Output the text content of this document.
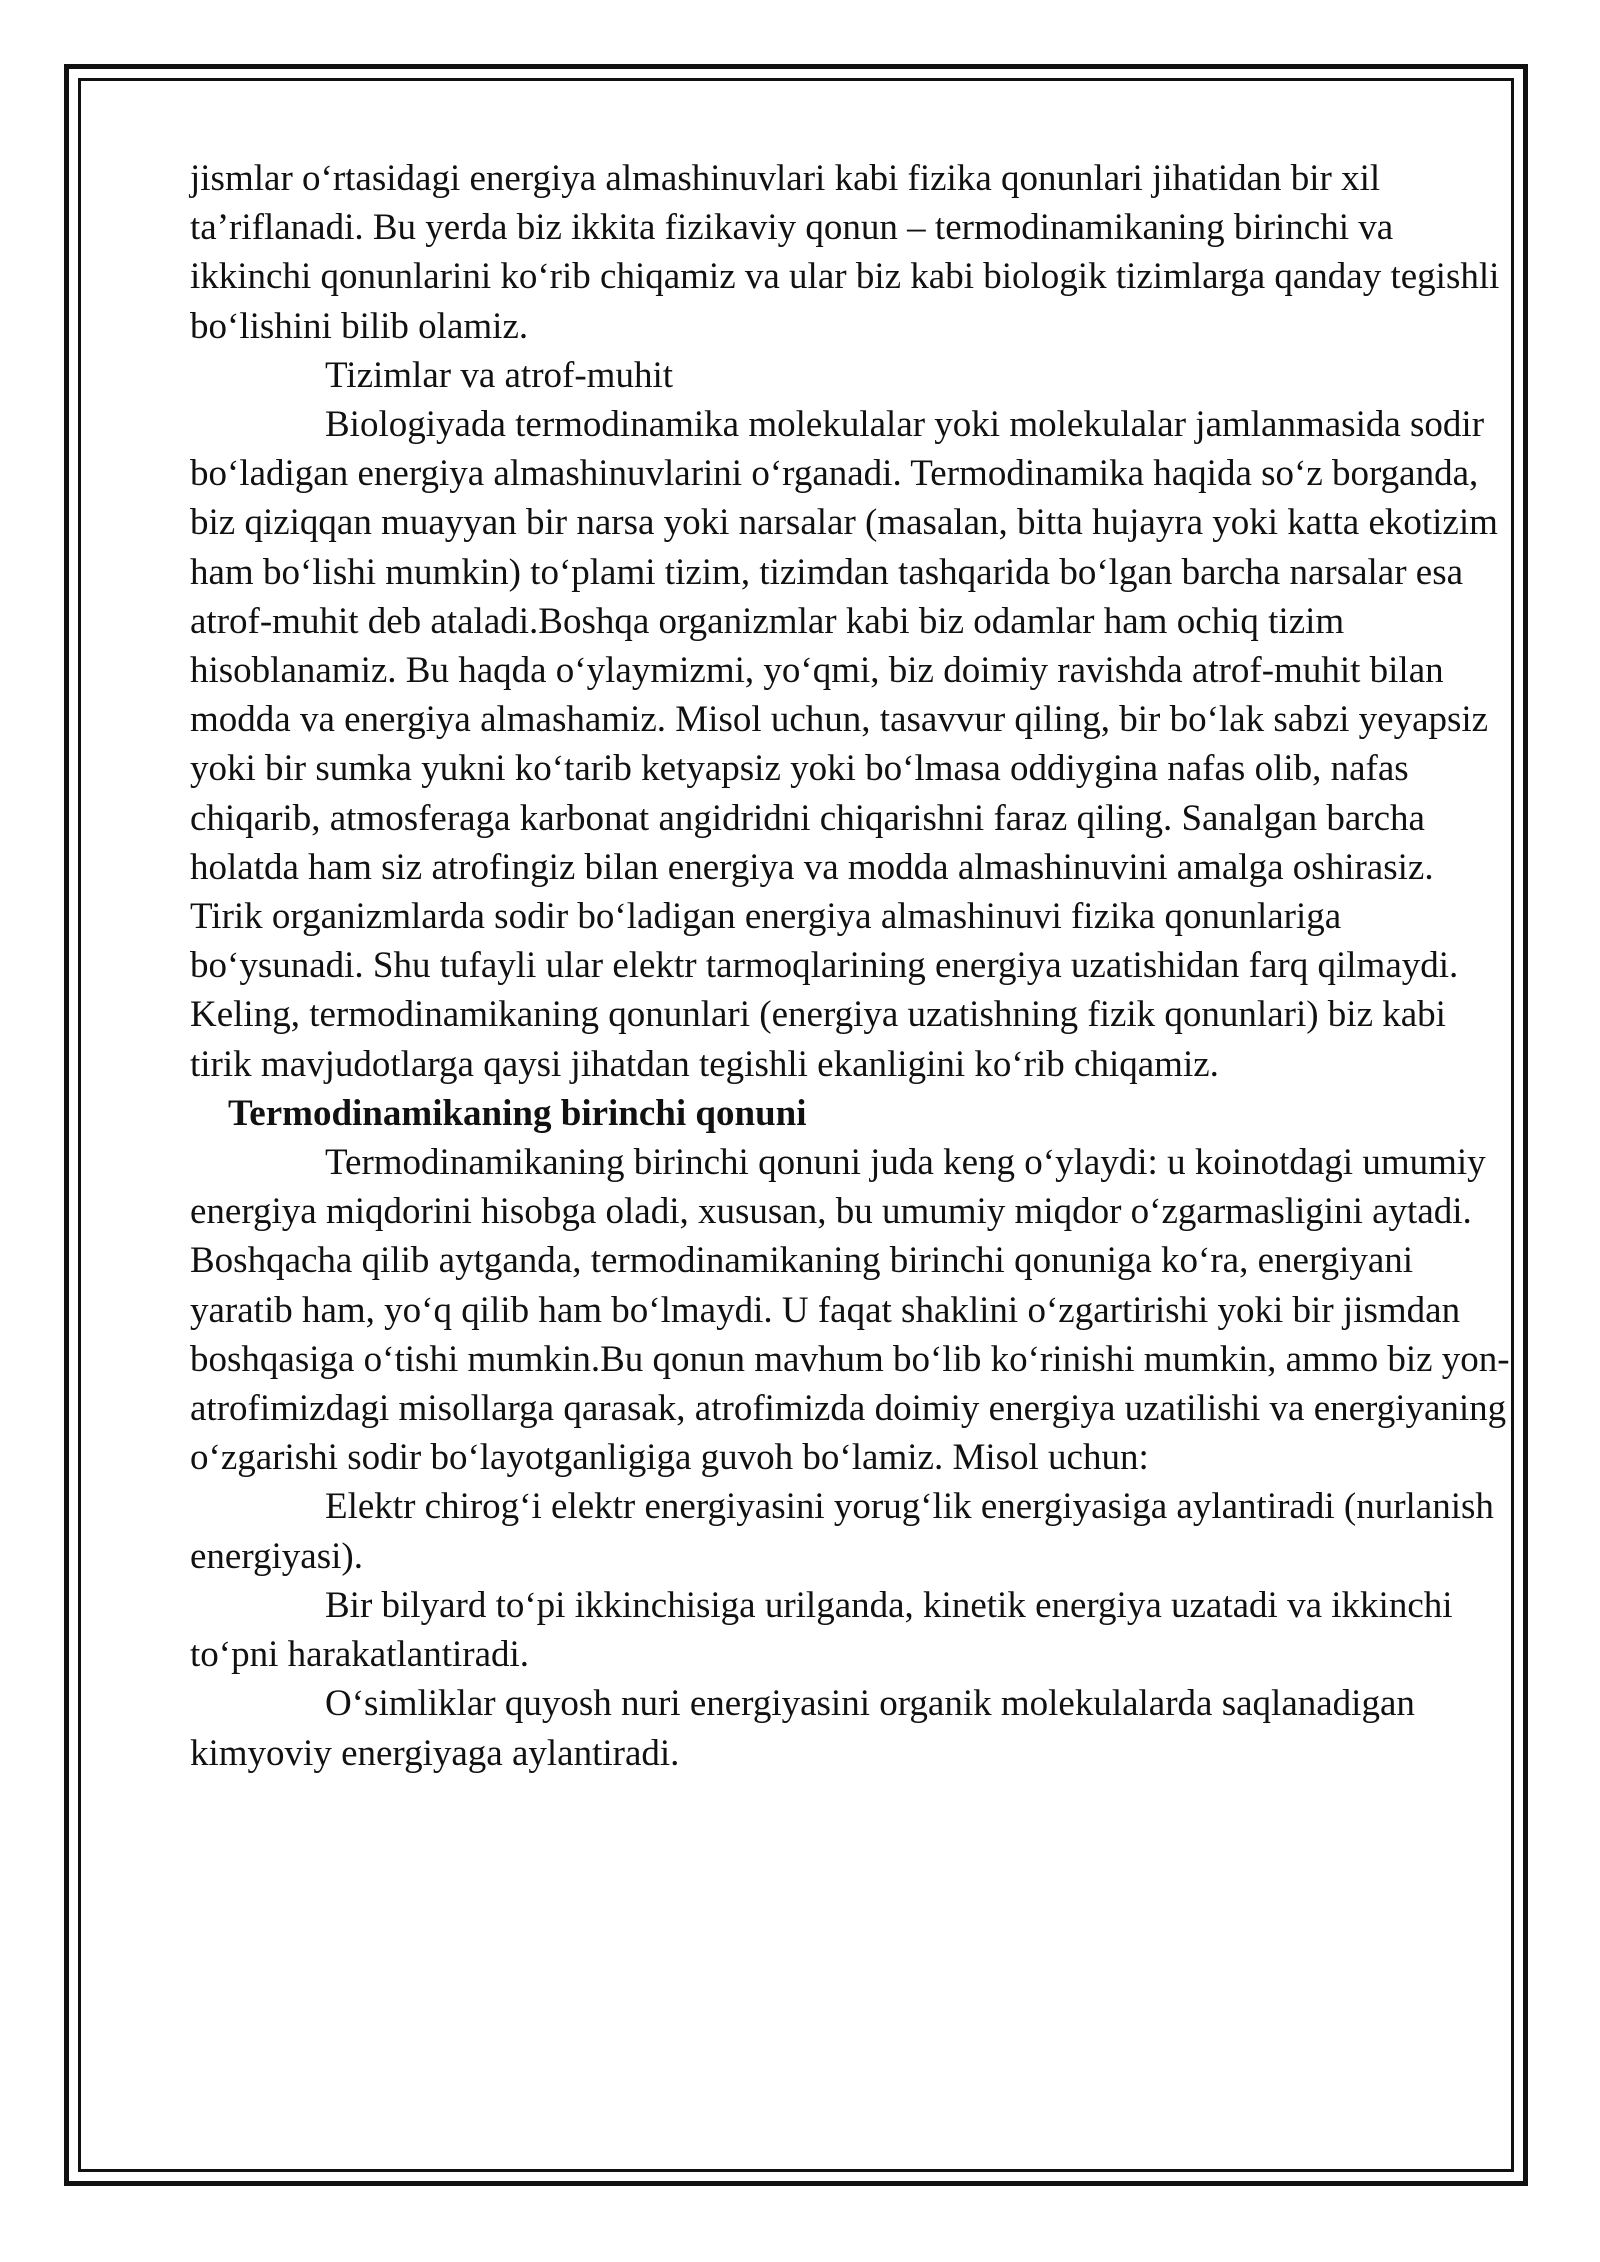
jismlar o‘rtasidagi energiya almashinuvlari kabi fizika qonunlari jihatidan bir xil ta’riflanadi. Bu yerda biz ikkita fizikaviy qonun – termodinamikaning birinchi va ikkinchi qonunlarini ko‘rib chiqamiz va ular biz kabi biologik tizimlarga qanday tegishli bo‘lishini bilib olamiz.

Tizimlar va atrof-muhit

Biologiyada termodinamika molekulalar yoki molekulalar jamlanmasida sodir bo‘ladigan energiya almashinuvlarini o‘rganadi. Termodinamika haqida so‘z borganda, biz qiziqqan muayyan bir narsa yoki narsalar (masalan, bitta hujayra yoki katta ekotizim ham bo‘lishi mumkin) to‘plami tizim, tizimdan tashqarida bo‘lgan barcha narsalar esa atrof-muhit deb ataladi.Boshqa organizmlar kabi biz odamlar ham ochiq tizim hisoblanamiz. Bu haqda o‘ylaymizmi, yo‘qmi, biz doimiy ravishda atrof-muhit bilan modda va energiya almashamiz. Misol uchun, tasavvur qiling, bir bo‘lak sabzi yeyapsiz yoki bir sumka yukni ko‘tarib ketyapsiz yoki bo‘lmasa oddiygina nafas olib, nafas chiqarib, atmosferaga karbonat angidridni chiqarishni faraz qiling. Sanalgan barcha holatda ham siz atrofingiz bilan energiya va modda almashinuvini amalga oshirasiz.

Tirik organizmlarda sodir bo‘ladigan energiya almashinuvi fizika qonunlariga bo‘ysunadi. Shu tufayli ular elektr tarmoqlarining energiya uzatishidan farq qilmaydi. Keling, termodinamikaning qonunlari (energiya uzatishning fizik qonunlari) biz kabi tirik mavjudotlarga qaysi jihatdan tegishli ekanligini ko‘rib chiqamiz.

Termodinamikaning birinchi qonuni

Termodinamikaning birinchi qonuni juda keng o‘ylaydi: u koinotdagi umumiy energiya miqdorini hisobga oladi, xususan, bu umumiy miqdor o‘zgarmasligini aytadi. Boshqacha qilib aytganda, termodinamikaning birinchi qonuniga ko‘ra, energiyani yaratib ham, yo‘q qilib ham bo‘lmaydi. U faqat shaklini o‘zgartirishi yoki bir jismdan boshqasiga o‘tishi mumkin.Bu qonun mavhum bo‘lib ko‘rinishi mumkin, ammo biz yon-atrofimizdagi misollarga qarasak, atrofimizda doimiy energiya uzatilishi va energiyaning o‘zgarishi sodir bo‘layotganligiga guvoh bo‘lamiz. Misol uchun:

Elektr chirog‘i elektr energiyasini yorug‘lik energiyasiga aylantiradi (nurlanish energiyasi).

Bir bilyard to‘pi ikkinchisiga urilganda, kinetik energiya uzatadi va ikkinchi to‘pni harakatlantiradi.

O‘simliklar quyosh nuri energiyasini organik molekulalarda saqlanadigan kimyoviy energiyaga aylantiradi.
